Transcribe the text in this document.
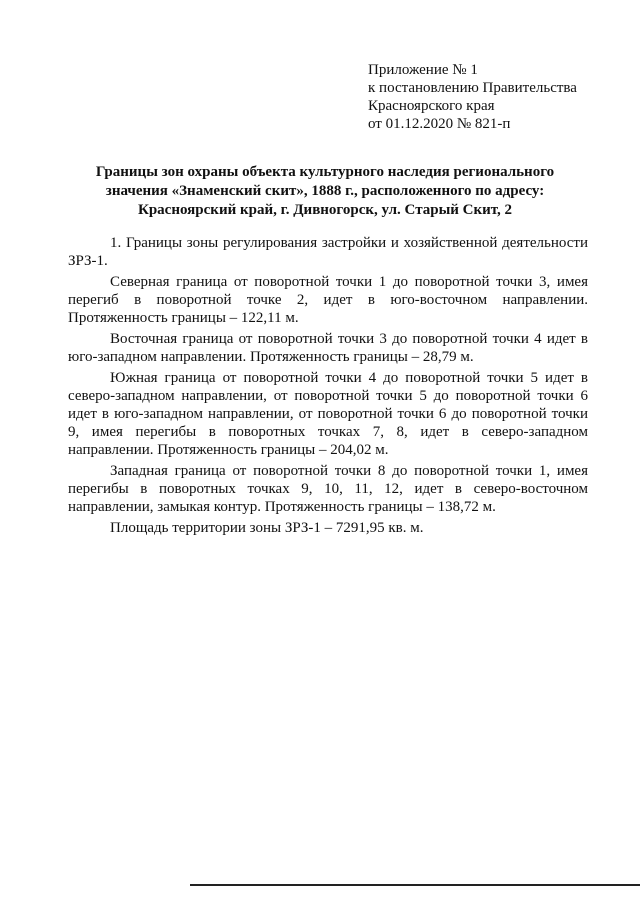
Приложение № 1
к постановлению Правительства
Красноярского края
от 01.12.2020 № 821-п
Границы зон охраны объекта культурного наследия регионального
значения «Знаменский скит», 1888 г., расположенного по адресу:
Красноярский край, г. Дивногорск, ул. Старый Скит, 2

1. Границы зоны регулирования застройки и хозяйственной деятельности ЗРЗ-1.

Северная граница от поворотной точки 1 до поворотной точки 3, имея перегиб в поворотной точке 2, идет в юго-восточном направлении. Протяженность границы – 122,11 м.

Восточная граница от поворотной точки 3 до поворотной точки 4 идет в юго-западном направлении. Протяженность границы – 28,79 м.

Южная граница от поворотной точки 4 до поворотной точки 5 идет в северо-западном направлении, от поворотной точки 5 до поворотной точки 6 идет в юго-западном направлении, от поворотной точки 6 до поворотной точки 9, имея перегибы в поворотных точках 7, 8, идет в северо-западном направлении. Протяженность границы – 204,02 м.

Западная граница от поворотной точки 8 до поворотной точки 1, имея перегибы в поворотных точках 9, 10, 11, 12, идет в северо-восточном направлении, замыкая контур. Протяженность границы – 138,72 м.

Площадь территории зоны ЗРЗ-1 – 7291,95 кв. м.
